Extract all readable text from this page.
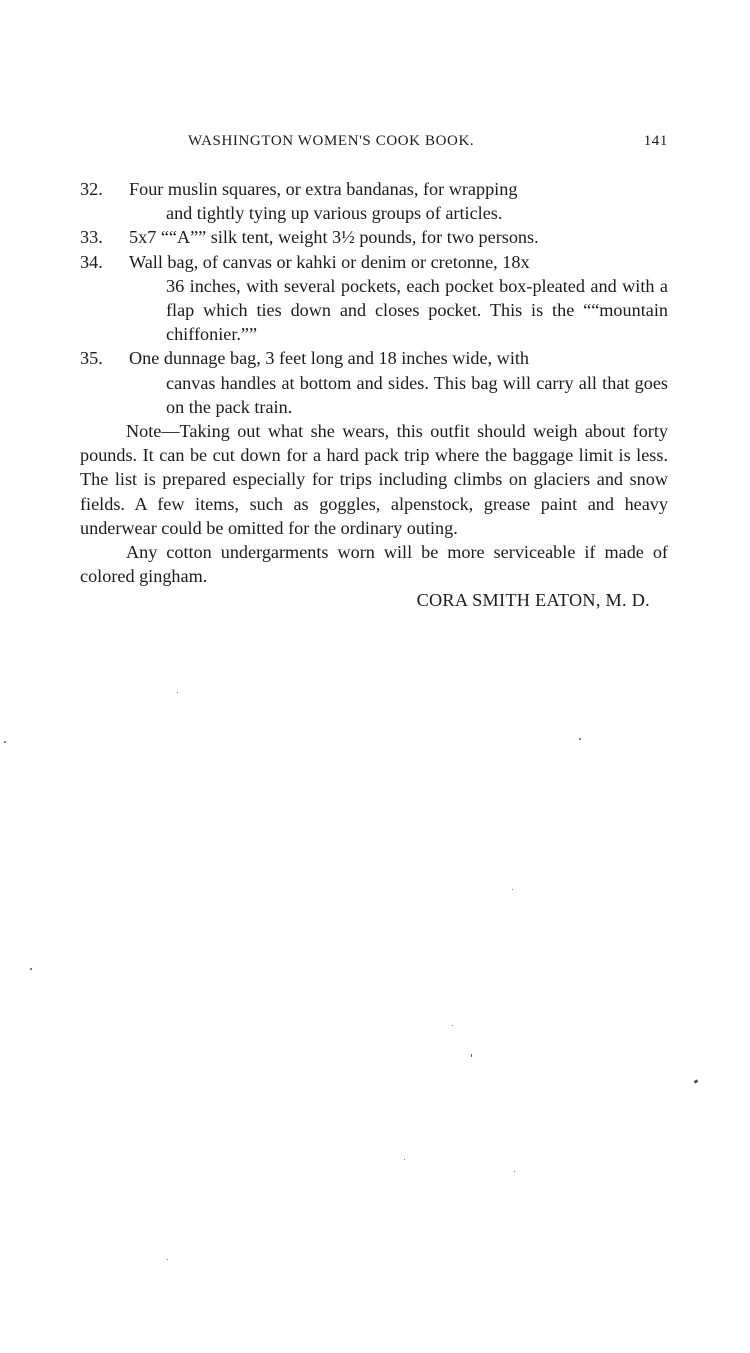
WASHINGTON WOMEN'S COOK BOOK.	141
32. Four muslin squares, or extra bandanas, for wrapping
and tightly tying up various groups of articles.
33. 5x7 ““A”” silk tent, weight 3½ pounds, for two persons.
34. Wall bag, of canvas or kahki or denim or cretonne, 18x
36 inches, with several pockets, each pocket box-pleated and with a flap which ties down and closes pocket. This is the ““mountain chiffonier.””
35. One dunnage bag, 3 feet long and 18 inches wide, with
canvas handles at bottom and sides. This bag will carry all that goes on the pack train.

Note—Taking out what she wears, this outfit should weigh about forty pounds. It can be cut down for a hard pack trip where the baggage limit is less. The list is prepared especially for trips including climbs on glaciers and snow fields. A few items, such as goggles, alpenstock, grease paint and heavy underwear could be omitted for the ordinary outing.

Any cotton undergarments worn will be more serviceable if made of colored gingham.

CORA SMITH EATON, M. D.
